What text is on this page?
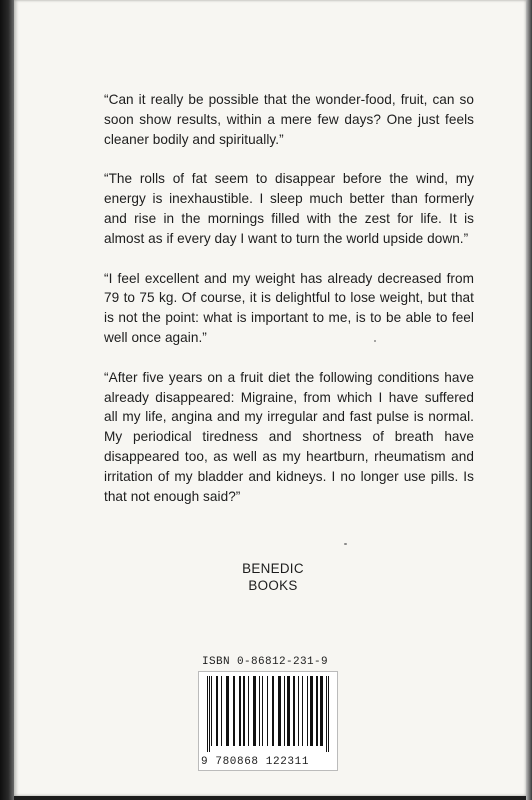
“Can it really be possible that the wonder-food, fruit, can so soon show results, within a mere few days? One just feels cleaner bodily and spiritually.”

“The rolls of fat seem to disappear before the wind, my energy is inexhaustible. I sleep much better than formerly and rise in the mornings filled with the zest for life. It is almost as if every day I want to turn the world upside down.”

“I feel excellent and my weight has already decreased from 79 to 75 kg. Of course, it is delightful to lose weight, but that is not the point: what is important to me, is to be able to feel well once again.”

“After five years on a fruit diet the following conditions have already disappeared: Migraine, from which I have suffered all my life, angina and my irregular and fast pulse is normal. My periodical tiredness and shortness of breath have disappeared too, as well as my heartburn, rheumatism and irritation of my bladder and kidneys. I no longer use pills. Is that not enough said?”

BENEDIC
BOOKS
ISBN 0-86812-231-9
9 780868 122311
